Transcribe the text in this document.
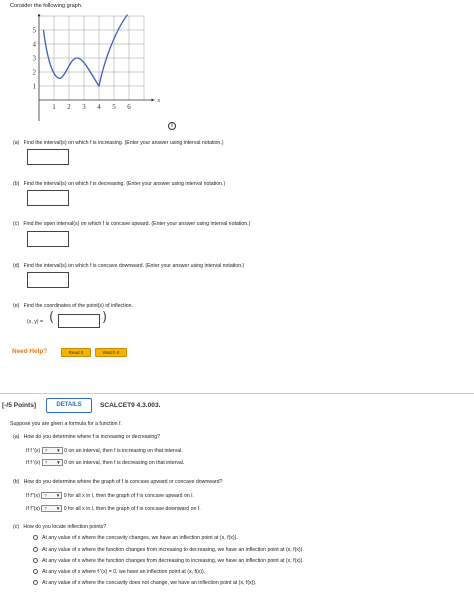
Consider the following graph.
1 2 3 4 5 6
1
2
3
4
5
x
i
(a) Find the interval(s) on which f is increasing. (Enter your answer using interval notation.)
(b) Find the interval(s) on which f is decreasing. (Enter your answer using interval notation.)
(c) Find the open interval(s) on which f is concave upward. (Enter your answer using interval notation.)
(d) Find the interval(s) on which f is concave downward. (Enter your answer using interval notation.)
(e) Find the coordinates of the point(s) of inflection.
(x, y) = (	)
Need Help?	Read It	Watch It
[-/5 Points]	DETAILS	SCALCET9 4.3.003.
Suppose you are given a formula for a function f.
(a) How do you determine where f is increasing or decreasing?
If f '(x) ? ▼ 0 on an interval, then f is increasing on that interval.
If f '(x) ? ▼ 0 on an interval, then f is decreasing on that interval.
(b) How do you determine where the graph of f is concave upward or concave downward?
If f''(x) ? ▼ 0 for all x in I, then the graph of f is concave upward on I.
If f''(x) ? ▼ 0 for all x in I, then the graph of f is concave downward on I.
(c) How do you locate inflection points?
At any value of x where the concavity changes, we have an inflection point at (x, f(x)).
At any value of x where the function changes from increasing to decreasing, we have an inflection point at (x, f(x)).
At any value of x where the function changes from decreasing to increasing, we have an inflection point at (x, f(x)).
At any value of x where f '(x) = 0, we have an inflection point at (x, f(x)).
At any value of x where the concavity does not change, we have an inflection point at (x, f(x)).
